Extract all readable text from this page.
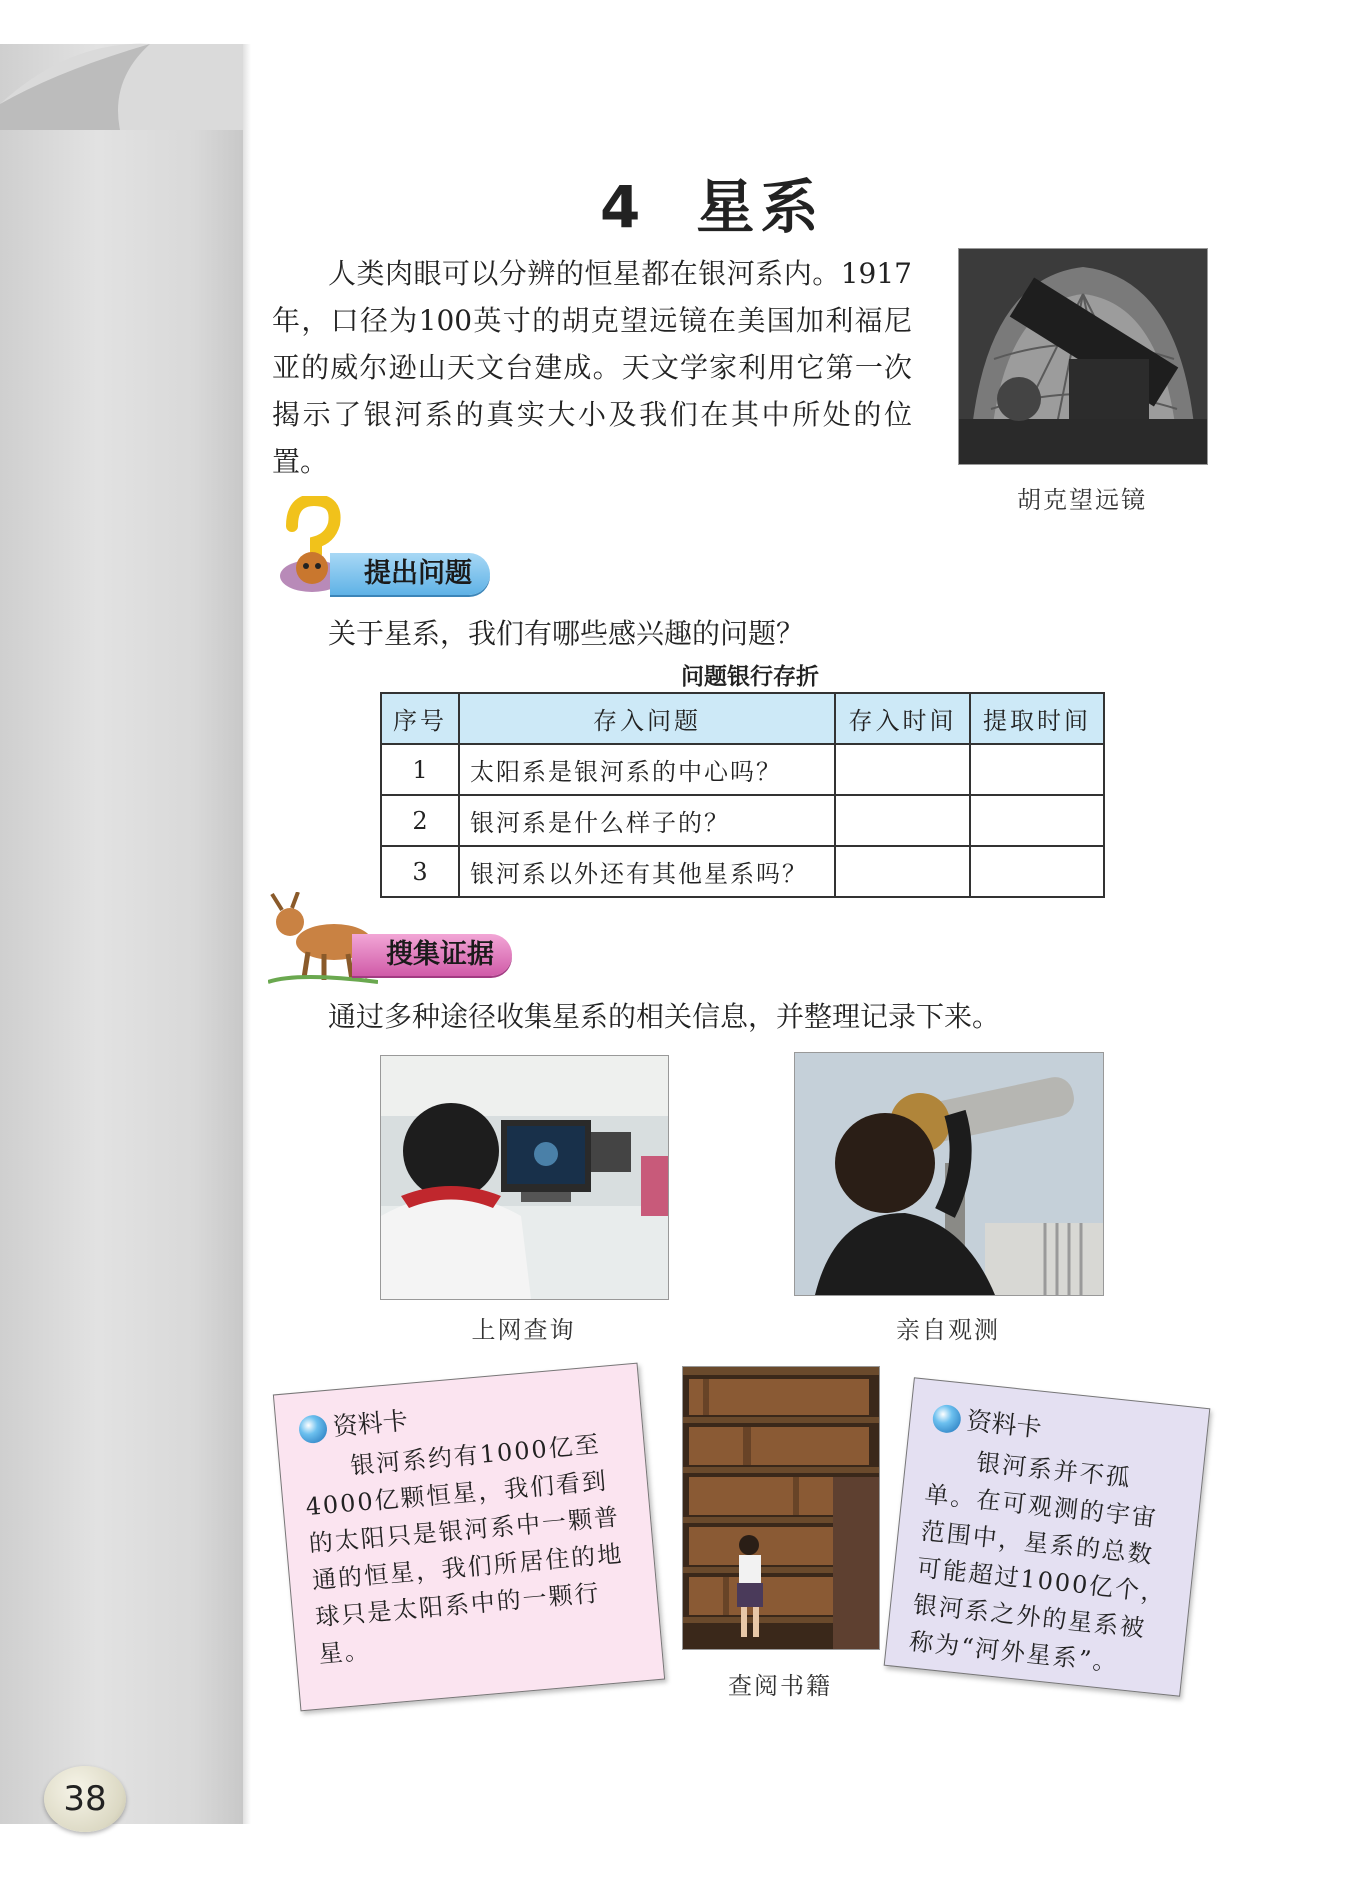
38
4 星系

人类肉眼可以分辨的恒星都在银河系内。1917年，口径为100英寸的胡克望远镜在美国加利福尼亚的威尔逊山天文台建成。天文学家利用它第一次揭示了银河系的真实大小及我们在其中所处的位置。

胡克望远镜
提出问题
关于星系，我们有哪些感兴趣的问题？
问题银行存折
序号	存入问题	存入时间	提取时间
1	太阳系是银河系的中心吗？		
2	银河系是什么样子的？		
3	银河系以外还有其他星系吗？		
搜集证据
通过多种途径收集星系的相关信息，并整理记录下来。
上网查询	亲自观测
查阅书籍
资料卡

银河系约有1000亿至4000亿颗恒星，我们看到的太阳只是银河系中一颗普通的恒星，我们所居住的地球只是太阳系中的一颗行星。

资料卡

银河系并不孤单。在可观测的宇宙范围中，星系的总数可能超过1000亿个，银河系之外的星系被称为“河外星系”。
